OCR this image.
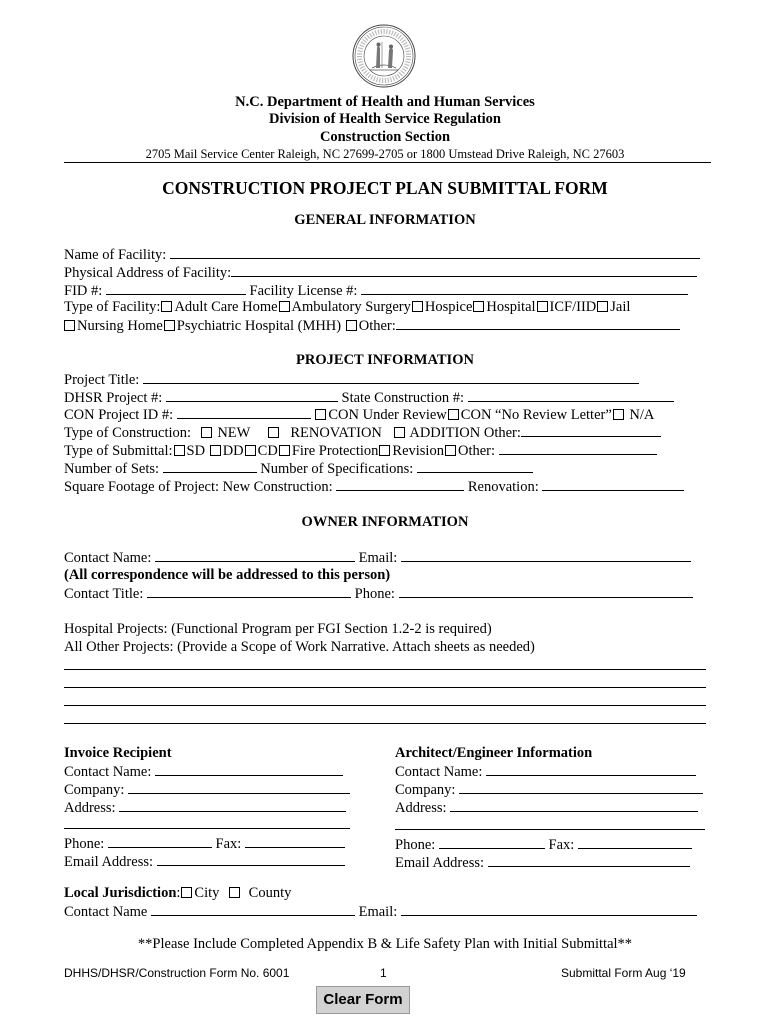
N.C. Department of Health and Human Services
Division of Health Service Regulation
Construction Section
2705 Mail Service Center Raleigh, NC 27699-2705 or 1800 Umstead Drive Raleigh, NC 27603
CONSTRUCTION PROJECT PLAN SUBMITTAL FORM
GENERAL INFORMATION
Name of Facility:
Physical Address of Facility:
FID #:	Facility License #:
Type of Facility: Adult Care Home Ambulatory Surgery Hospice Hospital ICF/IID Jail
Nursing Home Psychiatric Hospital (MHH) Other:
PROJECT INFORMATION
Project Title:
DHSR Project #:	State Construction #:
CON Project ID #:	CON Under Review CON “No Review Letter” N/A
Type of Construction: NEW	RENOVATION ADDITION Other:
Type of Submittal: SD DD CD Fire Protection Revision Other:
Number of Sets:	Number of Specifications:
Square Footage of Project: New Construction:	Renovation:
OWNER INFORMATION
Contact Name:	Email:
(All correspondence will be addressed to this person)
Contact Title:	Phone:
Hospital Projects: (Functional Program per FGI Section 1.2-2 is required)
All Other Projects: (Provide a Scope of Work Narrative. Attach sheets as needed)
Invoice Recipient
Contact Name:
Company:
Address:
Phone:	Fax:
Email Address:
Architect/Engineer Information
Contact Name:
Company:
Address:
Phone:	Fax:
Email Address:
Local Jurisdiction: City County
Contact Name	Email:
**Please Include Completed Appendix B & Life Safety Plan with Initial Submittal**
DHHS/DHSR/Construction Form No. 6001	1	Submittal Form Aug ‘19
Clear Form
